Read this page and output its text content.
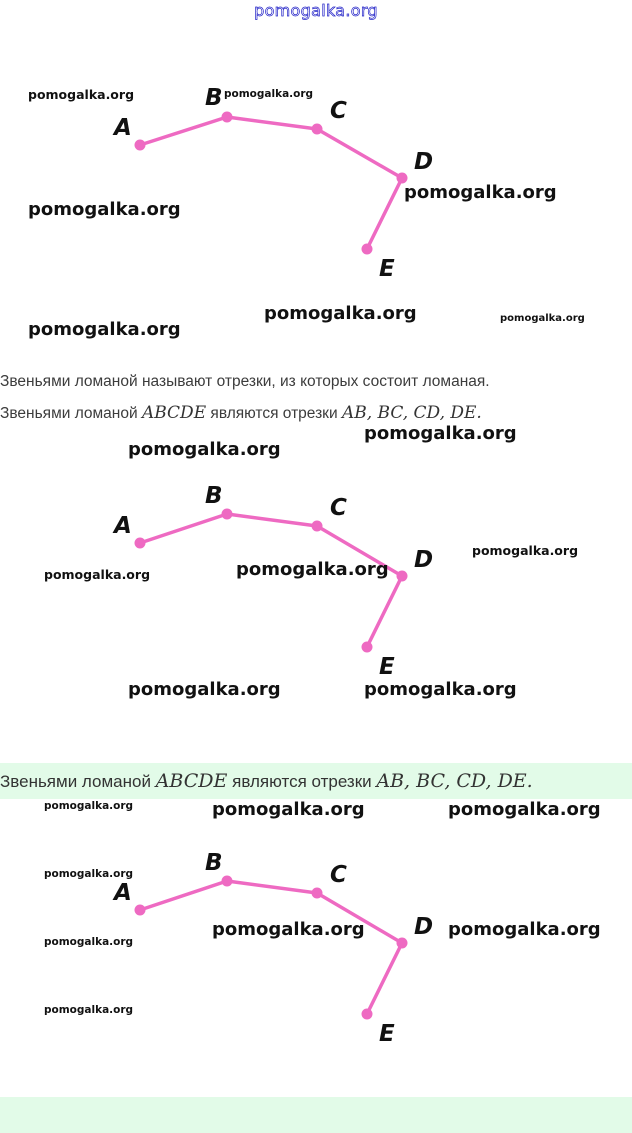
pomogalka.org
A
B	C
D
E
pomogalka.org	pomogalka.org
pomogalka.org
pomogalka.org
pomogalka.org
pomogalka.org
pomogalka.org
Звеньями ломаной называют отрезки, из которых состоит ломаная.
Звеньями ломаной ABCDE являются отрезки AB, BC, CD, DE.
A
B	C
D
E
pomogalka.org
pomogalka.org
pomogalka.org
pomogalka.org	pomogalka.org
pomogalka.org	pomogalka.org
Звеньями ломаной ABCDE являются отрезки AB, BC, CD, DE.
A
B	C
D
E
pomogalka.org	pomogalka.org	pomogalka.org
pomogalka.org
pomogalka.org	pomogalka.org
pomogalka.org
pomogalka.org
